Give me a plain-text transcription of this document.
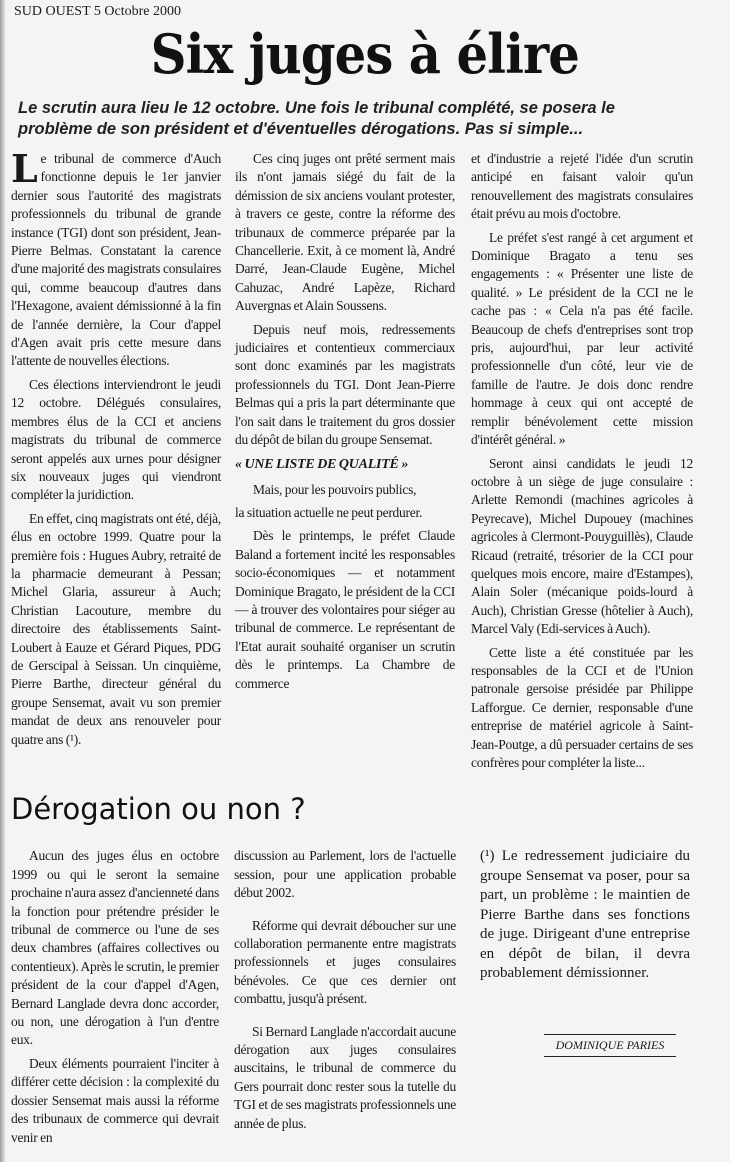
SUD OUEST 5 Octobre 2000
Six juges à élire
Le scrutin aura lieu le 12 octobre. Une fois le tribunal complété, se posera le problème de son président et d'éventuelles dérogations. Pas si simple...

Le tribunal de commerce d'Auch fonctionne depuis le 1er janvier dernier sous l'autorité des magistrats professionnels du tribunal de grande instance (TGI) dont son président, Jean-Pierre Belmas. Constatant la carence d'une majorité des magistrats consulaires qui, comme beaucoup d'autres dans l'Hexagone, avaient démissionné à la fin de l'année dernière, la Cour d'appel d'Agen avait pris cette mesure dans l'attente de nouvelles élections.

Ces élections interviendront le jeudi 12 octobre. Délégués consulaires, membres élus de la CCI et anciens magistrats du tribunal de commerce seront appelés aux urnes pour désigner six nouveaux juges qui viendront compléter la juridiction.

En effet, cinq magistrats ont été, déjà, élus en octobre 1999. Quatre pour la première fois : Hugues Aubry, retraité de la pharmacie demeurant à Pessan; Michel Glaria, assureur à Auch; Christian Lacouture, membre du directoire des établissements Saint-Loubert à Eauze et Gérard Piques, PDG de Gerscipal à Seissan. Un cinquième, Pierre Barthe, directeur général du groupe Sensemat, avait vu son premier mandat de deux ans renouveler pour quatre ans (¹).

Ces cinq juges ont prêté serment mais ils n'ont jamais siégé du fait de la démission de six anciens voulant protester, à travers ce geste, contre la réforme des tribunaux de commerce préparée par la Chancellerie. Exit, à ce moment là, André Darré, Jean-Claude Eugène, Michel Cahuzac, André Lapèze, Richard Auvergnas et Alain Soussens.

Depuis neuf mois, redressements judiciaires et contentieux commerciaux sont donc examinés par les magistrats professionnels du TGI. Dont Jean-Pierre Belmas qui a pris la part déterminante que l'on sait dans le traitement du gros dossier du dépôt de bilan du groupe Sensemat.

« UNE LISTE DE QUALITÉ »

Mais, pour les pouvoirs publics,

la situation actuelle ne peut perdurer.

Dès le printemps, le préfet Claude Baland a fortement incité les responsables socio-économiques — et notamment Dominique Bragato, le président de la CCI — à trouver des volontaires pour siéger au tribunal de commerce. Le représentant de l'Etat aurait souhaité organiser un scrutin dès le printemps. La Chambre de commerce

et d'industrie a rejeté l'idée d'un scrutin anticipé en faisant valoir qu'un renouvellement des magistrats consulaires était prévu au mois d'octobre.

Le préfet s'est rangé à cet argument et Dominique Bragato a tenu ses engagements : « Présenter une liste de qualité. » Le président de la CCI ne le cache pas : « Cela n'a pas été facile. Beaucoup de chefs d'entreprises sont trop pris, aujourd'hui, par leur activité professionnelle d'un côté, leur vie de famille de l'autre. Je dois donc rendre hommage à ceux qui ont accepté de remplir bénévolement cette mission d'intérêt général. »

Seront ainsi candidats le jeudi 12 octobre à un siège de juge consulaire : Arlette Remondi (machines agricoles à Peyrecave), Michel Dupouey (machines agricoles à Clermont-Pouyguillès), Claude Ricaud (retraité, trésorier de la CCI pour quelques mois encore, maire d'Estampes), Alain Soler (mécanique poids-lourd à Auch), Christian Gresse (hôtelier à Auch), Marcel Valy (Edi-services à Auch).

Cette liste a été constituée par les responsables de la CCI et de l'Union patronale gersoise présidée par Philippe Lafforgue. Ce dernier, responsable d'une entreprise de matériel agricole à Saint-Jean-Poutge, a dû persuader certains de ses confrères pour compléter la liste...

Dérogation ou non ?

Aucun des juges élus en octobre 1999 ou qui le seront la semaine prochaine n'aura assez d'ancienneté dans la fonction pour prétendre présider le tribunal de commerce ou l'une de ses deux chambres (affaires collectives ou contentieux). Après le scrutin, le premier président de la cour d'appel d'Agen, Bernard Langlade devra donc accorder, ou non, une dérogation à l'un d'entre eux.

Deux éléments pourraient l'inciter à différer cette décision : la complexité du dossier Sensemat mais aussi la réforme des tribunaux de commerce qui devrait venir en

discussion au Parlement, lors de l'actuelle session, pour une application probable début 2002.

Réforme qui devrait déboucher sur une collaboration permanente entre magistrats professionnels et juges consulaires bénévoles. Ce que ces dernier ont combattu, jusqu'à présent.

Si Bernard Langlade n'accordait aucune dérogation aux juges consulaires auscitains, le tribunal de commerce du Gers pourrait donc rester sous la tutelle du TGI et de ses magistrats professionnels une année de plus.

(¹) Le redressement judiciaire du groupe Sensemat va poser, pour sa part, un problème : le maintien de Pierre Barthe dans ses fonctions de juge. Dirigeant d'une entreprise en dépôt de bilan, il devra probablement démissionner.
DOMINIQUE PARIES
